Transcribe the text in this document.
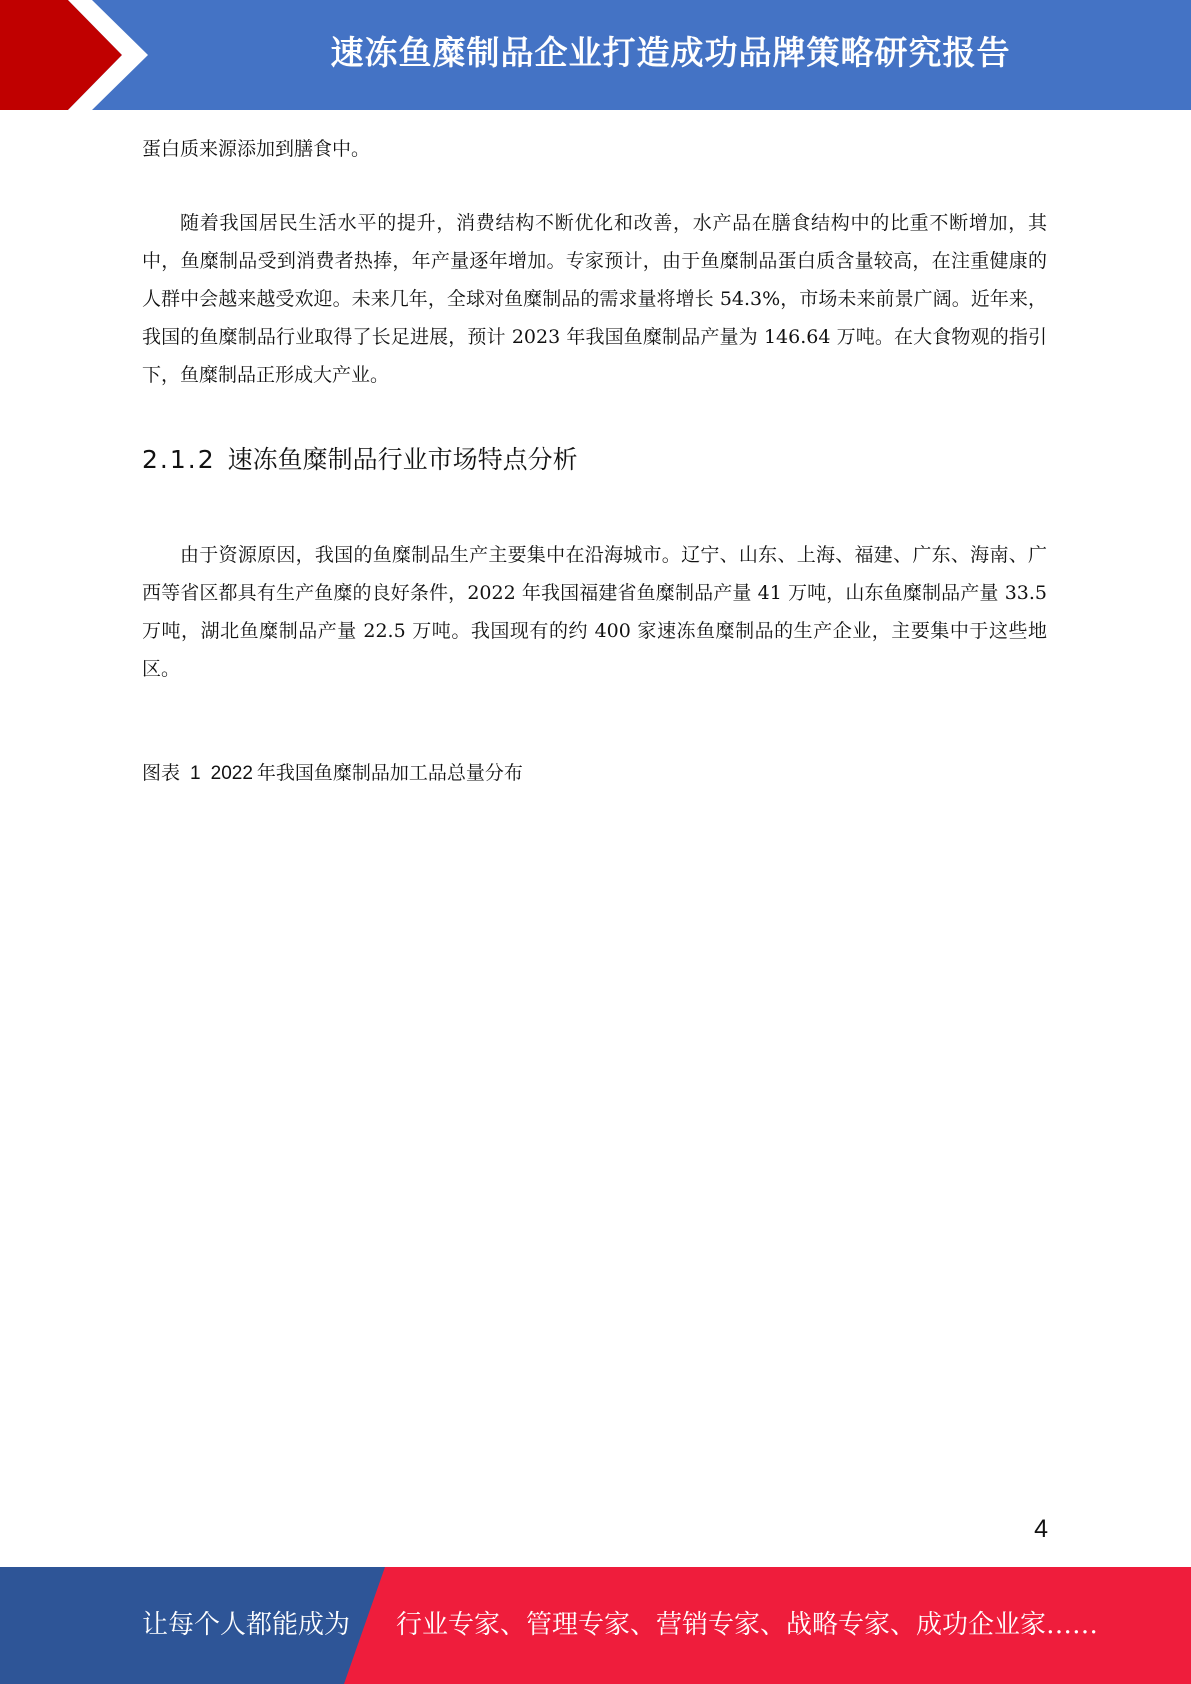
速冻鱼糜制品企业打造成功品牌策略研究报告

蛋白质来源添加到膳食中。

随着我国居民生活水平的提升，消费结构不断优化和改善，水产品在膳食结构中的比重不断增加，其中，鱼糜制品受到消费者热捧，年产量逐年增加。专家预计，由于鱼糜制品蛋白质含量较高，在注重健康的人群中会越来越受欢迎。未来几年，全球对鱼糜制品的需求量将增长 54.3%，市场未来前景广阔。近年来，我国的鱼糜制品行业取得了长足进展，预计 2023 年我国鱼糜制品产量为 146.64 万吨。在大食物观的指引下，鱼糜制品正形成大产业。

2.1.2 速冻鱼糜制品行业市场特点分析

由于资源原因，我国的鱼糜制品生产主要集中在沿海城市。辽宁、山东、上海、福建、广东、海南、广西等省区都具有生产鱼糜的良好条件，2022 年我国福建省鱼糜制品产量 41 万吨，山东鱼糜制品产量 33.5 万吨，湖北鱼糜制品产量 22.5 万吨。我国现有的约 400 家速冻鱼糜制品的生产企业，主要集中于这些地区。

图表 1 2022 年我国鱼糜制品加工品总量分布

4
让每个人都能成为 行业专家、管理专家、营销专家、战略专家、成功企业家……
